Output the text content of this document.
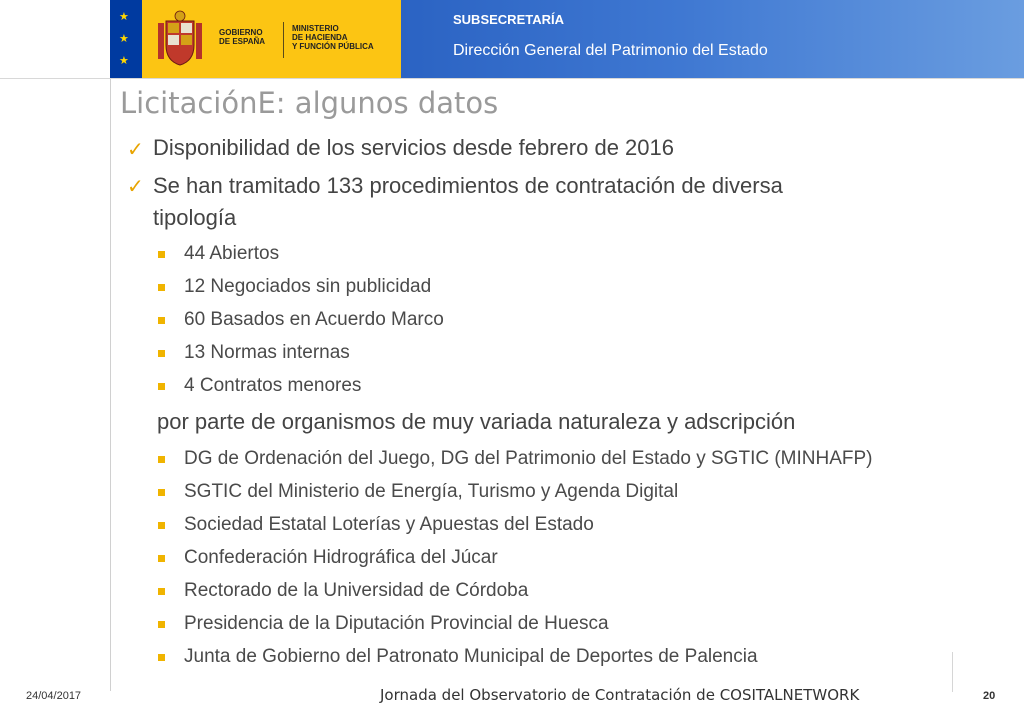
★
★
★
GOBIERNO
DE ESPAÑA
MINISTERIO
DE HACIENDA
Y FUNCIÓN PÚBLICA
SUBSECRETARÍA
Dirección General del Patrimonio del Estado
LicitaciónE: algunos datos
✓ Disponibilidad de los servicios desde febrero de 2016
✓ Se han tramitado 133 procedimientos de contratación de diversa
tipología
44 Abiertos
12 Negociados sin publicidad
60 Basados en Acuerdo Marco
13 Normas internas
4 Contratos menores
por parte de organismos de muy variada naturaleza y adscripción
DG de Ordenación del Juego, DG del Patrimonio del Estado y SGTIC (MINHAFP)
SGTIC del Ministerio de Energía, Turismo y Agenda Digital
Sociedad Estatal Loterías y Apuestas del Estado
Confederación Hidrográfica del Júcar
Rectorado de la Universidad de Córdoba
Presidencia de la Diputación Provincial de Huesca
Junta de Gobierno del Patronato Municipal de Deportes de Palencia
24/04/2017	Jornada del Observatorio de Contratación de COSITALNETWORK	20
